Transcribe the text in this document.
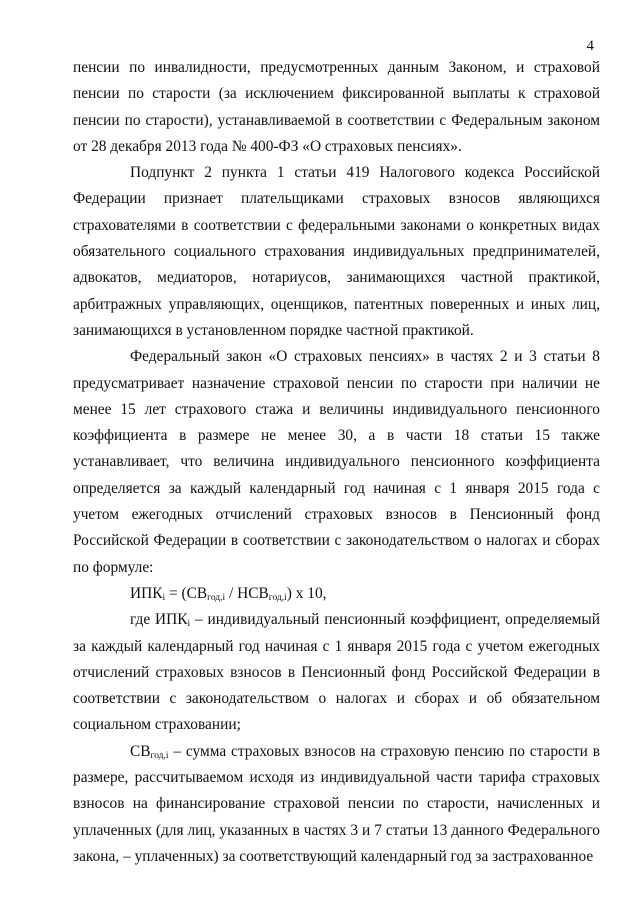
4

пенсии по инвалидности, предусмотренных данным Законом, и страховой пенсии по старости (за исключением фиксированной выплаты к страховой пенсии по старости), устанавливаемой в соответствии с Федеральным законом от 28 декабря 2013 года № 400-ФЗ «О страховых пенсиях».

Подпункт 2 пункта 1 статьи 419 Налогового кодекса Российской Федерации признает плательщиками страховых взносов являющихся страхователями в соответствии с федеральными законами о конкретных видах обязательного социального страхования индивидуальных предпринимателей, адвокатов, медиаторов, нотариусов, занимающихся частной практикой, арбитражных управляющих, оценщиков, патентных поверенных и иных лиц, занимающихся в установленном порядке частной практикой.

Федеральный закон «О страховых пенсиях» в частях 2 и 3 статьи 8 предусматривает назначение страховой пенсии по старости при наличии не менее 15 лет страхового стажа и величины индивидуального пенсионного коэффициента в размере не менее 30, а в части 18 статьи 15 также устанавливает, что величина индивидуального пенсионного коэффициента определяется за каждый календарный год начиная с 1 января 2015 года с учетом ежегодных отчислений страховых взносов в Пенсионный фонд Российской Федерации в соответствии с законодательством о налогах и сборах по формуле:

$ИПК_i = (СВ_{год,i} / НСВ_{год,i})$ х 10,

где $ИПК_i$ – индивидуальный пенсионный коэффициент, определяемый за каждый календарный год начиная с 1 января 2015 года с учетом ежегодных отчислений страховых взносов в Пенсионный фонд Российской Федерации в соответствии с законодательством о налогах и сборах и об обязательном социальном страховании;

$СВ_{год,i}$ – сумма страховых взносов на страховую пенсию по старости в размере, рассчитываемом исходя из индивидуальной части тарифа страховых взносов на финансирование страховой пенсии по старости, начисленных и уплаченных (для лиц, указанных в частях 3 и 7 статьи 13 данного Федерального закона, – уплаченных) за соответствующий календарный год за застрахованное
